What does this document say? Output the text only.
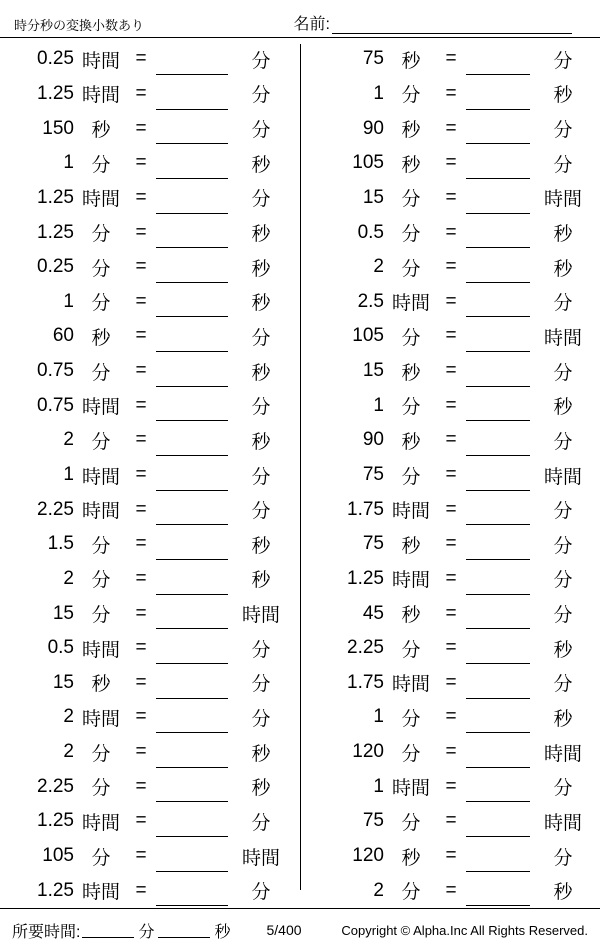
時分秒の変換小数あり	名前:
0.25 時間 =	分
1.25 時間 =	分
150 秒	=	分
1 分	=	秒
1.25 時間 =	分
1.25 分	=	秒
0.25 分	=	秒
1 分	=	秒
60 秒	=	分
0.75 分	=	秒
0.75 時間 =	分
2 分	=	秒
1 時間 =	分
2.25 時間 =	分
1.5 分	=	秒
2 分	=	秒
15 分	=	時間
0.5 時間 =	分
15 秒	=	分
2 時間 =	分
2 分	=	秒
2.25 分	=	秒
1.25 時間 =	分
105 分	=	時間
1.25 時間 =	分
75 秒	=	分
1 分	=	秒
90 秒	=	分
105 秒	=	分
15 分	=	時間
0.5 分	=	秒
2 分	=	秒
2.5 時間 =	分
105 分	=	時間
15 秒	=	分
1 分	=	秒
90 秒	=	分
75 分	=	時間
1.75 時間 =	分
75 秒	=	分
1.25 時間 =	分
45 秒	=	分
2.25 分	=	秒
1.75 時間 =	分
1 分	=	秒
120 分	=	時間
1 時間 =	分
75 分	=	時間
120 秒	=	分
2 分	=	秒
所要時間:	分	秒	5/400	Copyright © Alpha.Inc All Rights Reserved.
